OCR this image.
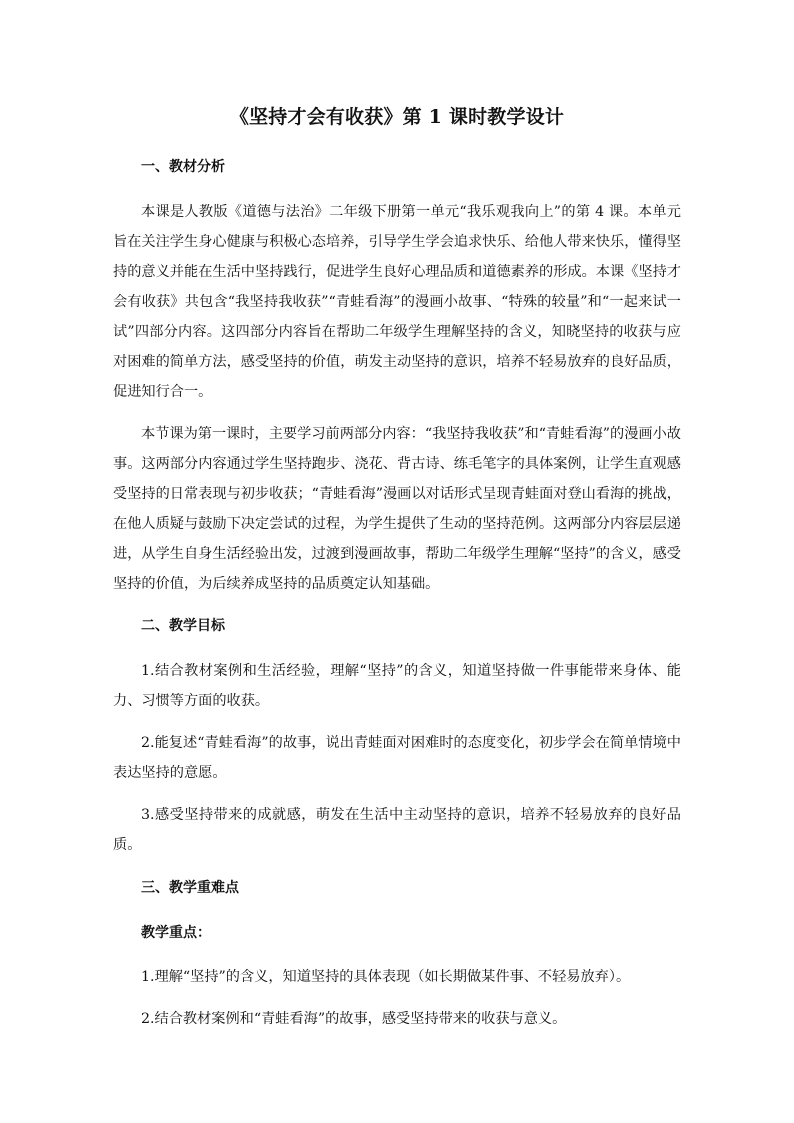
《坚持才会有收获》第 1 课时教学设计
一、教材分析

本课是人教版《道德与法治》二年级下册第一单元“我乐观我向上”的第 4 课。本单元旨在关注学生身心健康与积极心态培养，引导学生学会追求快乐、给他人带来快乐，懂得坚持的意义并能在生活中坚持践行，促进学生良好心理品质和道德素养的形成。本课《坚持才会有收获》共包含“我坚持我收获”“青蛙看海”的漫画小故事、“特殊的较量”和“一起来试一试”四部分内容。这四部分内容旨在帮助二年级学生理解坚持的含义，知晓坚持的收获与应对困难的简单方法，感受坚持的价值，萌发主动坚持的意识，培养不轻易放弃的良好品质，促进知行合一。

本节课为第一课时，主要学习前两部分内容：“我坚持我收获”和“青蛙看海”的漫画小故事。这两部分内容通过学生坚持跑步、浇花、背古诗、练毛笔字的具体案例，让学生直观感受坚持的日常表现与初步收获；“青蛙看海”漫画以对话形式呈现青蛙面对登山看海的挑战，在他人质疑与鼓励下决定尝试的过程，为学生提供了生动的坚持范例。这两部分内容层层递进，从学生自身生活经验出发，过渡到漫画故事，帮助二年级学生理解“坚持”的含义，感受坚持的价值，为后续养成坚持的品质奠定认知基础。

二、教学目标

1.结合教材案例和生活经验，理解“坚持”的含义，知道坚持做一件事能带来身体、能力、习惯等方面的收获。

2.能复述“青蛙看海”的故事，说出青蛙面对困难时的态度变化，初步学会在简单情境中表达坚持的意愿。

3.感受坚持带来的成就感，萌发在生活中主动坚持的意识，培养不轻易放弃的良好品质。

三、教学重难点
教学重点：

1.理解“坚持”的含义，知道坚持的具体表现（如长期做某件事、不轻易放弃）。

2.结合教材案例和“青蛙看海”的故事，感受坚持带来的收获与意义。
